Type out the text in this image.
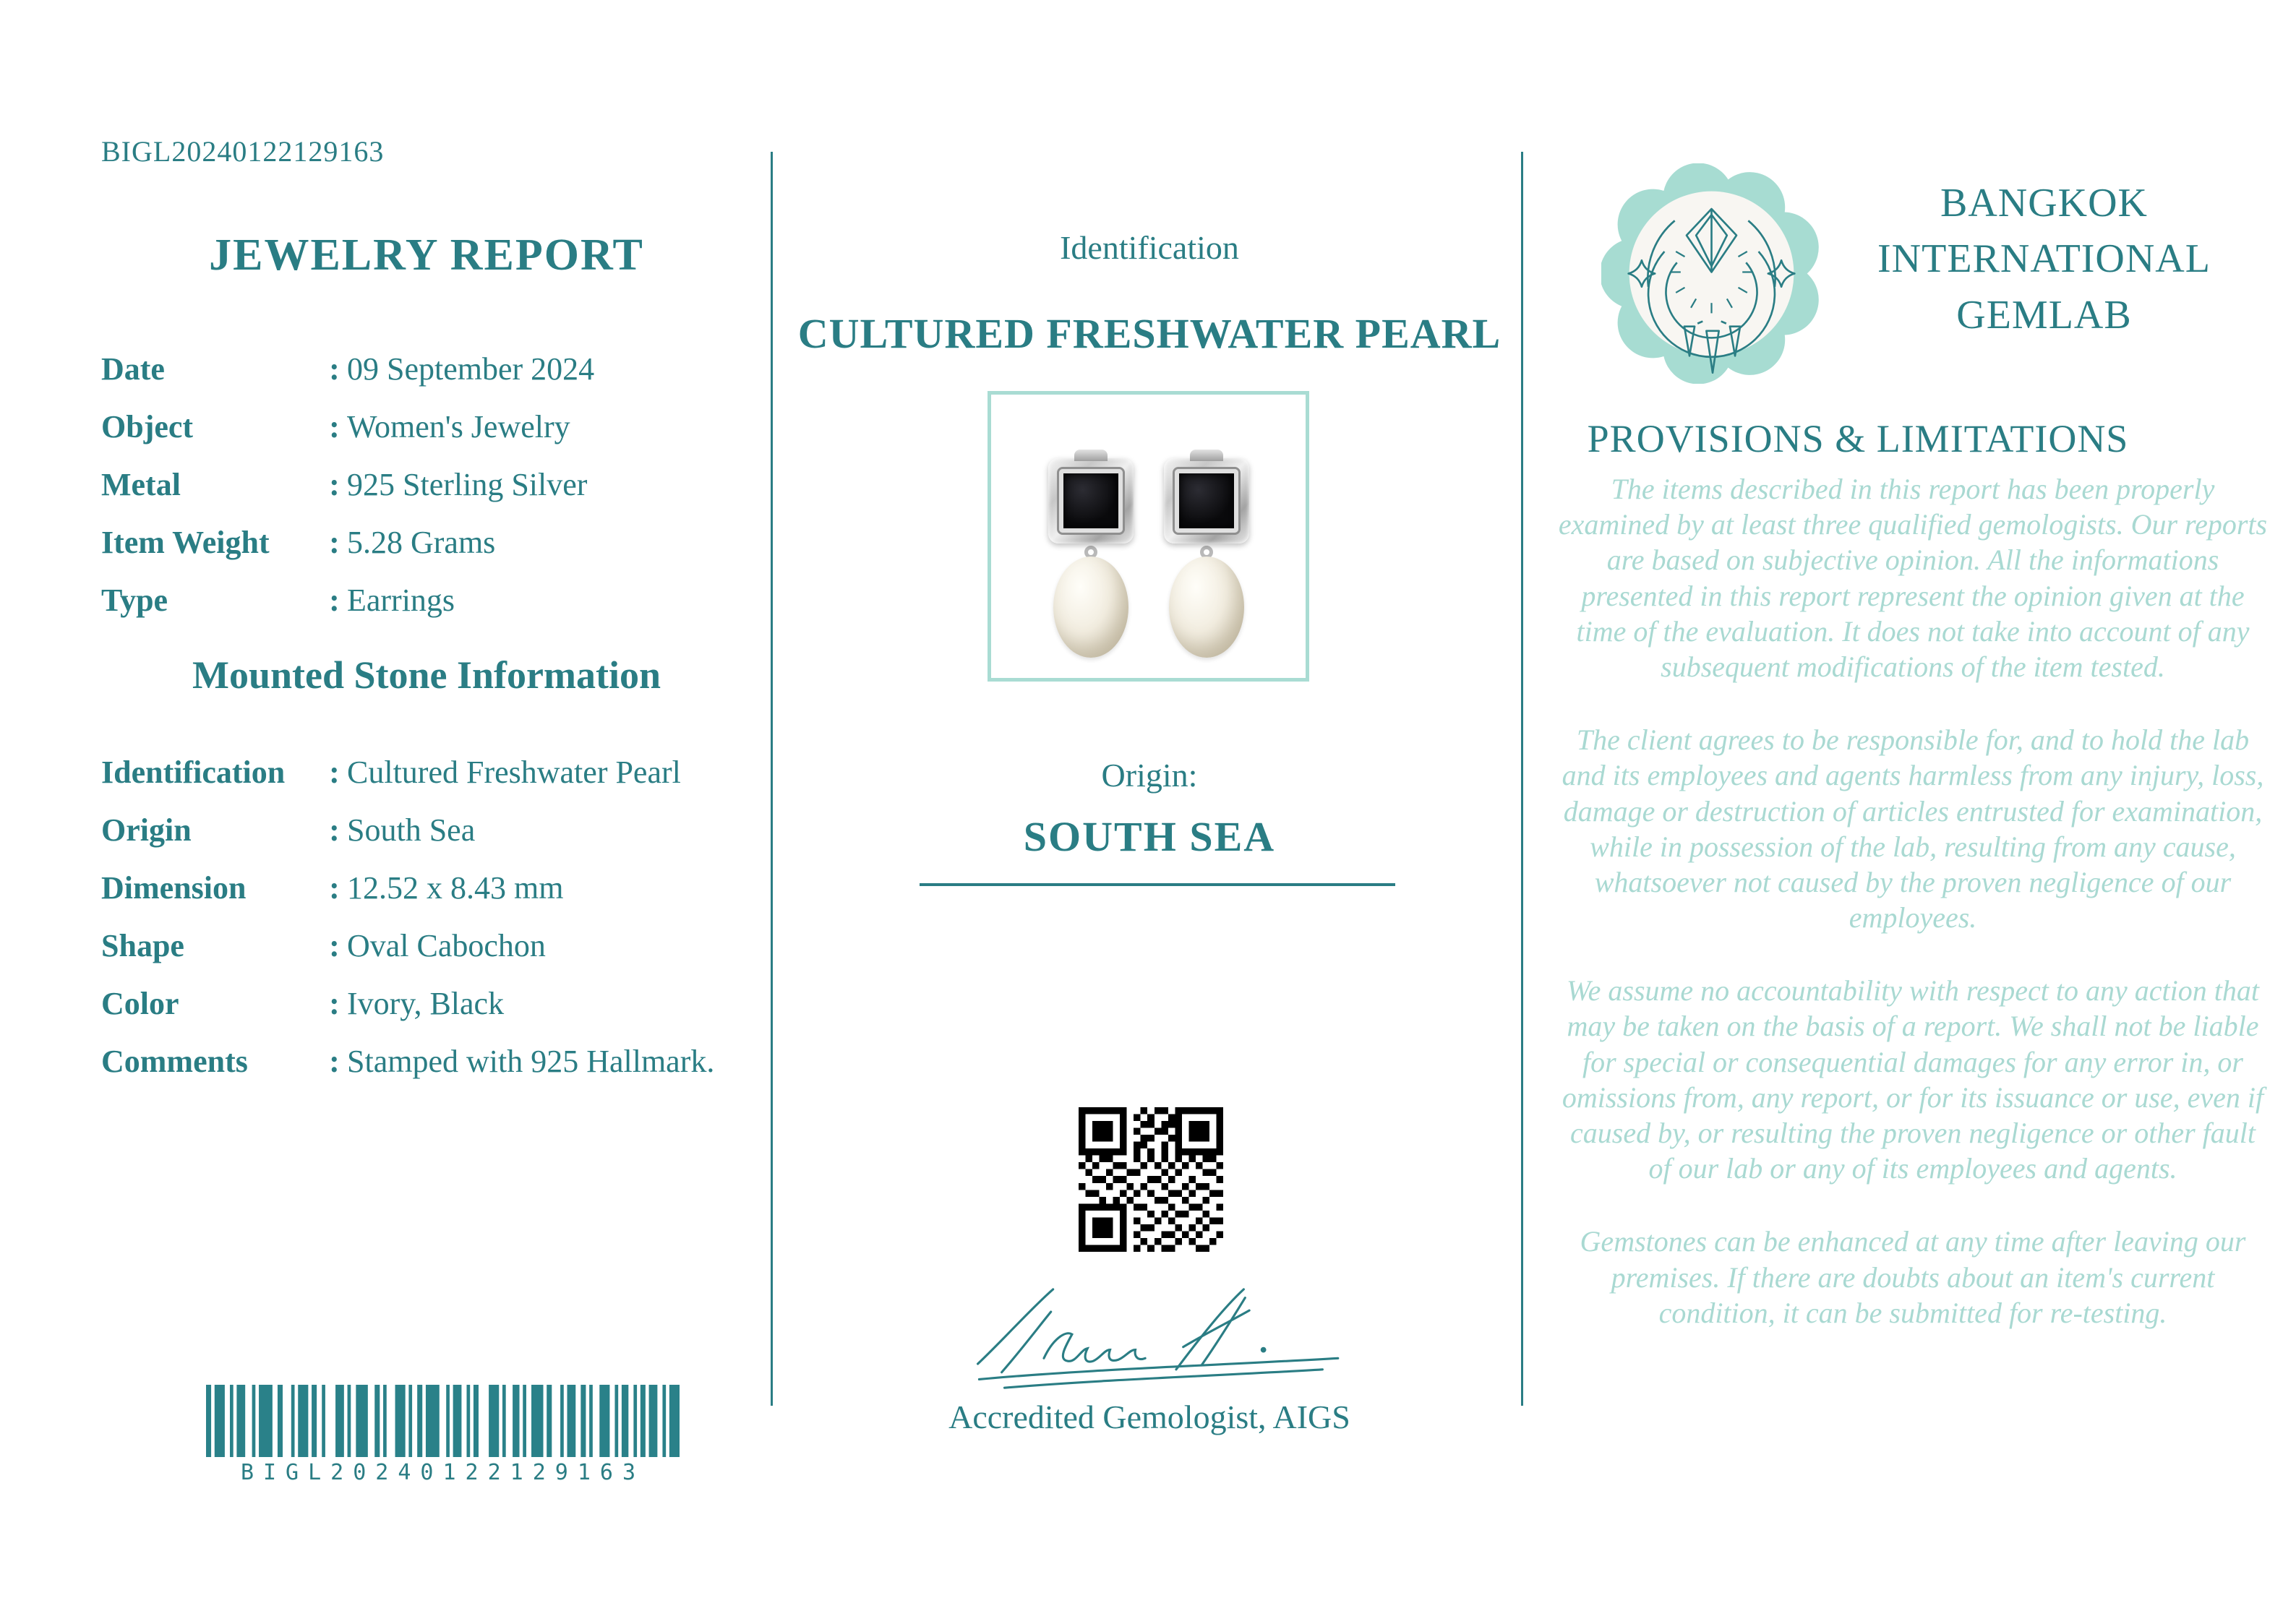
BIGL20240122129163
JEWELRY REPORT
Date	: 09 September 2024
Object	: Women's Jewelry
Metal	: 925 Sterling Silver
Item Weight	: 5.28 Grams
Type	: Earrings
Mounted Stone Information
Identification	: Cultured Freshwater Pearl
Origin	: South Sea
Dimension	: 12.52 x 8.43 mm
Shape	: Oval Cabochon
Color	: Ivory, Black
Comments	: Stamped with 925 Hallmark.
BIGL20240122129163
Identification
CULTURED FRESHWATER PEARL
Origin:
SOUTH SEA
Accredited Gemologist, AIGS
BANGKOK INTERNATIONAL GEMLAB
PROVISIONS & LIMITATIONS

The items described in this report has been properly examined by at least three qualified gemologists. Our reports are based on subjective opinion. All the informations presented in this report represent the opinion given at the time of the evaluation. It does not take into account of any subsequent modifications of the item tested.

The client agrees to be responsible for, and to hold the lab and its employees and agents harmless from any injury, loss, damage or destruction of articles entrusted for examination, while in possession of the lab, resulting from any cause, whatsoever not caused by the proven negligence of our employees.

We assume no accountability with respect to any action that may be taken on the basis of a report. We shall not be liable for special or consequential damages for any error in, or omissions from, any report, or for its issuance or use, even if caused by, or resulting the proven negligence or other fault of our lab or any of its employees and agents.

Gemstones can be enhanced at any time after leaving our premises. If there are doubts about an item's current condition, it can be submitted for re-testing.
